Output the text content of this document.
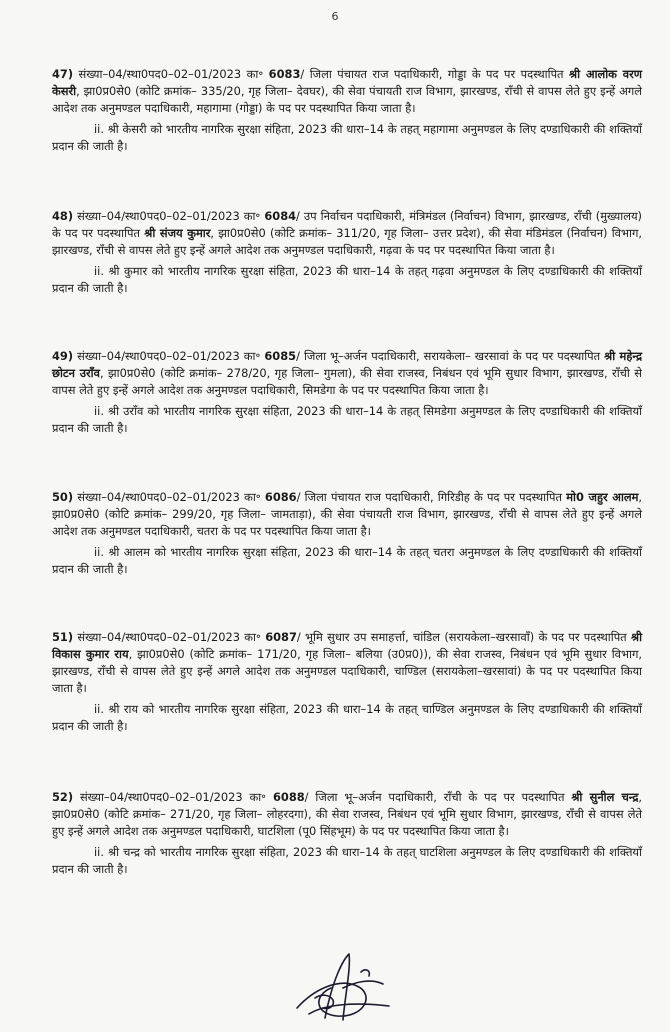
6

47) संख्या–04/स्था0पद0–02–01/2023 का॰ 6083/ जिला पंचायत राज पदाधिकारी, गोड्डा के पद पर पदस्थापित श्री आलोक वरण केसरी, झा0प्र0से0 (कोटि क्रमांक– 335/20, गृह जिला– देवघर), की सेवा पंचायती राज विभाग, झारखण्ड, राँची से वापस लेते हुए इन्हें अगले आदेश तक अनुमण्डल पदाधिकारी, महागामा (गोड्डा) के पद पर पदस्थापित किया जाता है।

ii. श्री केसरी को भारतीय नागरिक सुरक्षा संहिता, 2023 की धारा–14 के तहत् महागामा अनुमण्डल के लिए दण्डाधिकारी की शक्तियाँ प्रदान की जाती है।

48) संख्या–04/स्था0पद0–02–01/2023 का॰ 6084/ उप निर्वाचन पदाधिकारी, मंत्रिमंडल (निर्वाचन) विभाग, झारखण्ड, राँची (मुख्यालय) के पद पर पदस्थापित श्री संजय कुमार, झा0प्र0से0 (कोटि क्रमांक– 311/20, गृह जिला– उत्तर प्रदेश), की सेवा मंडिमंडल (निर्वाचन) विभाग, झारखण्ड, राँची से वापस लेते हुए इन्हें अगले आदेश तक अनुमण्डल पदाधिकारी, गढ़वा के पद पर पदस्थापित किया जाता है।

ii. श्री कुमार को भारतीय नागरिक सुरक्षा संहिता, 2023 की धारा–14 के तहत् गढ़वा अनुमण्डल के लिए दण्डाधिकारी की शक्तियाँ प्रदान की जाती है।

49) संख्या–04/स्था0पद0–02–01/2023 का॰ 6085/ जिला भू–अर्जन पदाधिकारी, सरायकेला– खरसावां के पद पर पदस्थापित श्री महेन्द्र छोटन उराँव, झा0प्र0से0 (कोटि क्रमांक– 278/20, गृह जिला– गुमला), की सेवा राजस्व, निबंधन एवं भूमि सुधार विभाग, झारखण्ड, राँची से वापस लेते हुए इन्हें अगले आदेश तक अनुमण्डल पदाधिकारी, सिमडेगा के पद पर पदस्थापित किया जाता है।

ii. श्री उराँव को भारतीय नागरिक सुरक्षा संहिता, 2023 की धारा–14 के तहत् सिमडेगा अनुमण्डल के लिए दण्डाधिकारी की शक्तियाँ प्रदान की जाती है।

50) संख्या–04/स्था0पद0–02–01/2023 का॰ 6086/ जिला पंचायत राज पदाधिकारी, गिरिडीह के पद पर पदस्थापित मो0 जहुर आलम, झा0प्र0से0 (कोटि क्रमांक– 299/20, गृह जिला– जामताड़ा), की सेवा पंचायती राज विभाग, झारखण्ड, राँची से वापस लेते हुए इन्हें अगले आदेश तक अनुमण्डल पदाधिकारी, चतरा के पद पर पदस्थापित किया जाता है।

ii. श्री आलम को भारतीय नागरिक सुरक्षा संहिता, 2023 की धारा–14 के तहत् चतरा अनुमण्डल के लिए दण्डाधिकारी की शक्तियाँ प्रदान की जाती है।

51) संख्या–04/स्था0पद0–02–01/2023 का॰ 6087/ भूमि सुधार उप समाहर्त्ता, चांडिल (सरायकेला–खरसावाँ) के पद पर पदस्थापित श्री विकास कुमार राय, झा0प्र0से0 (कोटि क्रमांक– 171/20, गृह जिला– बलिया (उ0प्र0)), की सेवा राजस्व, निबंधन एवं भूमि सुधार विभाग, झारखण्ड, राँची से वापस लेते हुए इन्हें अगले आदेश तक अनुमण्डल पदाधिकारी, चाण्डिल (सरायकेला–खरसावां) के पद पर पदस्थापित किया जाता है।

ii. श्री राय को भारतीय नागरिक सुरक्षा संहिता, 2023 की धारा–14 के तहत् चाण्डिल अनुमण्डल के लिए दण्डाधिकारी की शक्तियाँ प्रदान की जाती है।

52) संख्या–04/स्था0पद0–02–01/2023 का॰ 6088/ जिला भू–अर्जन पदाधिकारी, राँची के पद पर पदस्थापित श्री सुनील चन्द्र, झा0प्र0से0 (कोटि क्रमांक– 271/20, गृह जिला– लोहरदगा), की सेवा राजस्व, निबंधन एवं भूमि सुधार विभाग, झारखण्ड, राँची से वापस लेते हुए इन्हें अगले आदेश तक अनुमण्डल पदाधिकारी, घाटशिला (पू0 सिंहभूम) के पद पर पदस्थापित किया जाता है।

ii. श्री चन्द्र को भारतीय नागरिक सुरक्षा संहिता, 2023 की धारा–14 के तहत् घाटशिला अनुमण्डल के लिए दण्डाधिकारी की शक्तियाँ प्रदान की जाती है।
